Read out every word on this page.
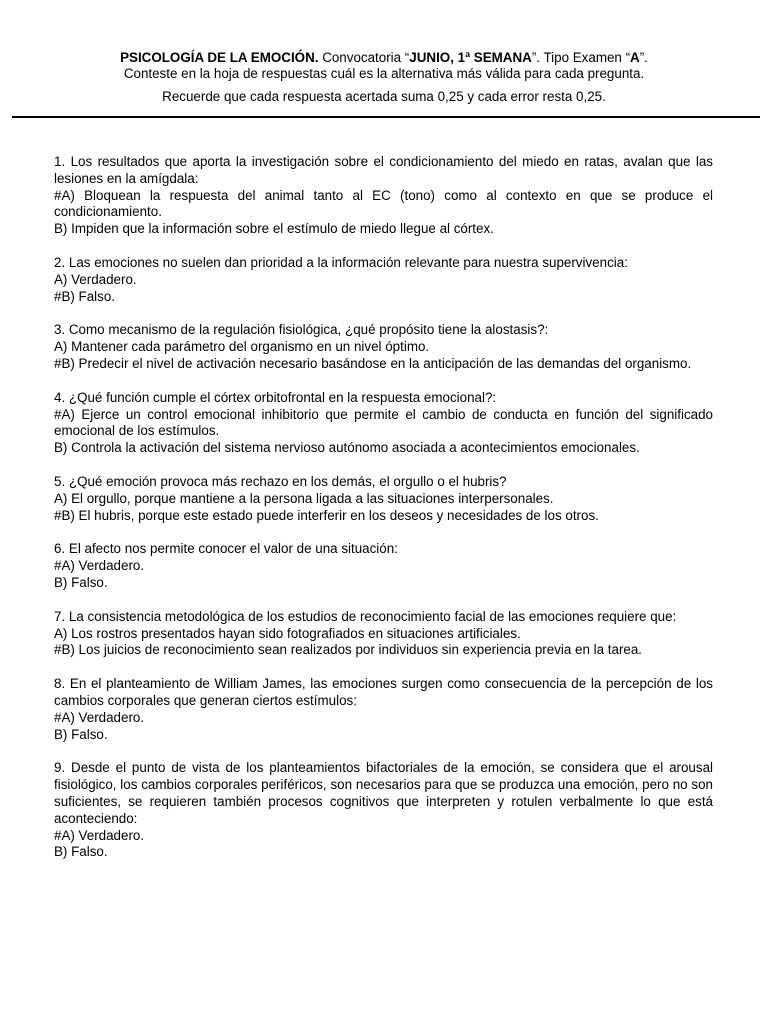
PSICOLOGÍA DE LA EMOCIÓN. Convocatoria “JUNIO, 1ª SEMANA”. Tipo Examen “A”.

Conteste en la hoja de respuestas cuál es la alternativa más válida para cada pregunta.

Recuerde que cada respuesta acertada suma 0,25 y cada error resta 0,25.

1. Los resultados que aporta la investigación sobre el condicionamiento del miedo en ratas, avalan que las lesiones en la amígdala:

#A) Bloquean la respuesta del animal tanto al EC (tono) como al contexto en que se produce el condicionamiento.

B) Impiden que la información sobre el estímulo de miedo llegue al córtex.

2. Las emociones no suelen dan prioridad a la información relevante para nuestra supervivencia:

A) Verdadero.

#B) Falso.

3. Como mecanismo de la regulación fisiológica, ¿qué propósito tiene la alostasis?:

A) Mantener cada parámetro del organismo en un nivel óptimo.

#B) Predecir el nivel de activación necesario basándose en la anticipación de las demandas del organismo.

4. ¿Qué función cumple el córtex orbitofrontal en la respuesta emocional?:

#A) Ejerce un control emocional inhibitorio que permite el cambio de conducta en función del significado emocional de los estímulos.

B) Controla la activación del sistema nervioso autónomo asociada a acontecimientos emocionales.

5. ¿Qué emoción provoca más rechazo en los demás, el orgullo o el hubris?

A) El orgullo, porque mantiene a la persona ligada a las situaciones interpersonales.

#B) El hubris, porque este estado puede interferir en los deseos y necesidades de los otros.

6. El afecto nos permite conocer el valor de una situación:

#A) Verdadero.

B) Falso.

7. La consistencia metodológica de los estudios de reconocimiento facial de las emociones requiere que:

A) Los rostros presentados hayan sido fotografiados en situaciones artificiales.

#B) Los juicios de reconocimiento sean realizados por individuos sin experiencia previa en la tarea.

8. En el planteamiento de William James, las emociones surgen como consecuencia de la percepción de los cambios corporales que generan ciertos estímulos:

#A) Verdadero.

B) Falso.

9. Desde el punto de vista de los planteamientos bifactoriales de la emoción, se considera que el arousal fisiológico, los cambios corporales periféricos, son necesarios para que se produzca una emoción, pero no son suficientes, se requieren también procesos cognitivos que interpreten y rotulen verbalmente lo que está aconteciendo:

#A) Verdadero.

B) Falso.
